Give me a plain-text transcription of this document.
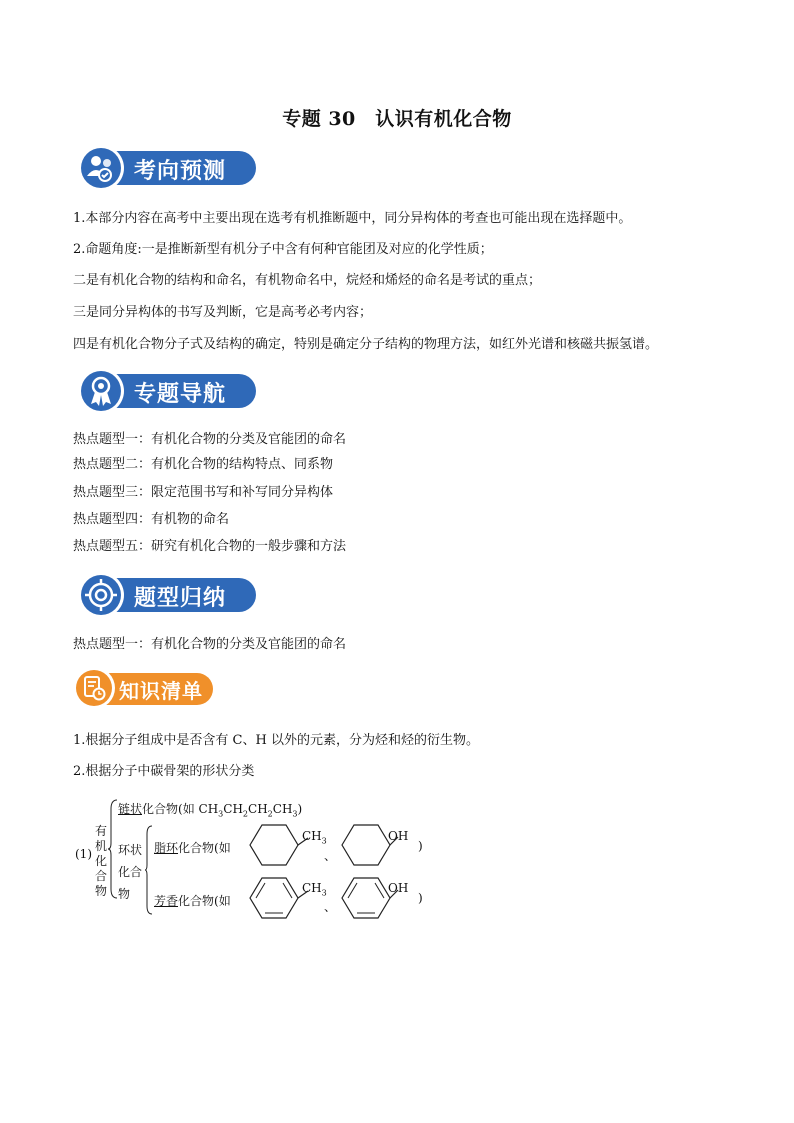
专题 30　认识有机化合物
考向预测
1.本部分内容在高考中主要出现在选考有机推断题中，同分异构体的考查也可能出现在选择题中。
2.命题角度:一是推断新型有机分子中含有何种官能团及对应的化学性质；
二是有机化合物的结构和命名，有机物命名中，烷烃和烯烃的命名是考试的重点；
三是同分异构体的书写及判断，它是高考必考内容；
四是有机化合物分子式及结构的确定，特别是确定分子结构的物理方法，如红外光谱和核磁共振氢谱。
专题导航
热点题型一：有机化合物的分类及官能团的命名
热点题型二：有机化合物的结构特点、同系物
热点题型三：限定范围书写和补写同分异构体
热点题型四：有机物的命名
热点题型五：研究有机化合物的一般步骤和方法
题型归纳
热点题型一：有机化合物的分类及官能团的命名
知识清单
1.根据分子组成中是否含有 C、H 以外的元素，分为烃和烃的衍生物。
2.根据分子中碳骨架的形状分类
(1)
有
机
化
合
物
链状化合物(如 $CH_3CH_2CH_2CH_3$)
环状
化合
物
脂环化合物(如
$CH_3$
、
OH
)
芳香化合物(如
$CH_3$
、
OH
)
